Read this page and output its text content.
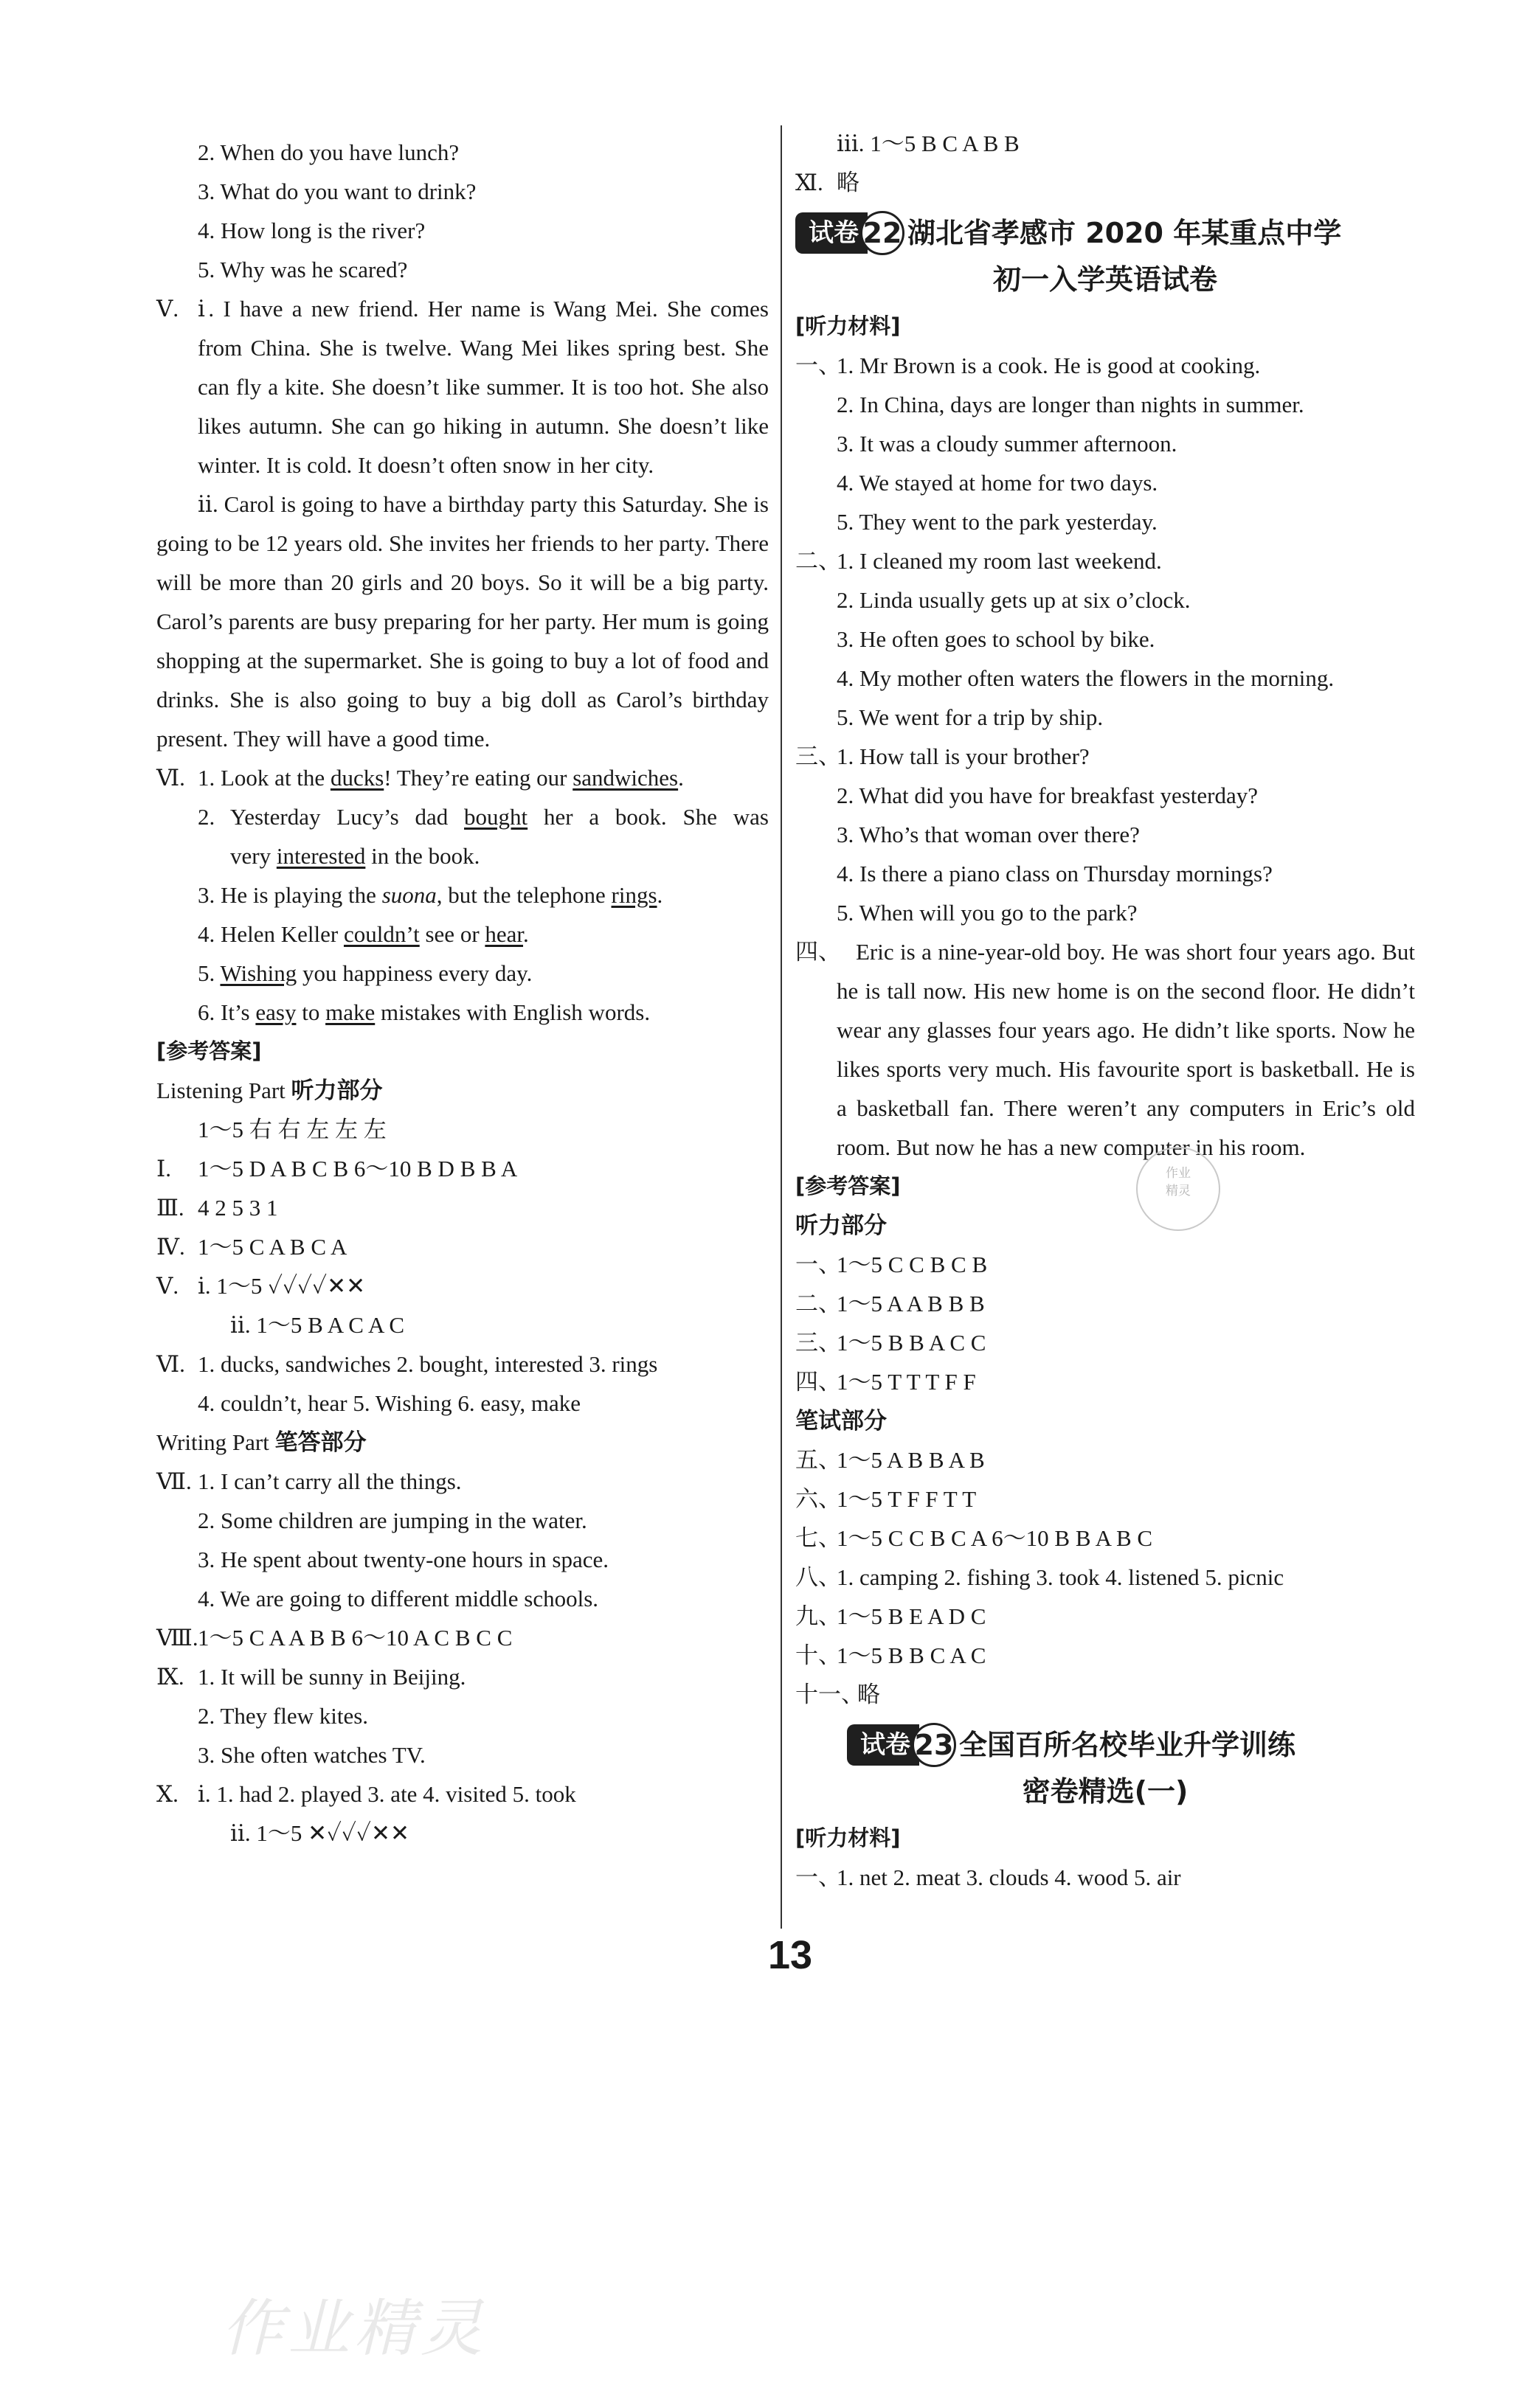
2. When do you have lunch?
3. What do you want to drink?
4. How long is the river?
5. Why was he scared?
Ⅴ. ⅰ. I have a new friend. Her name is Wang Mei. She comes from China. She is twelve. Wang Mei likes spring best. She can fly a kite. She doesn’t like summer. It is too hot. She also likes autumn. She can go hiking in autumn. She doesn’t like winter. It is cold. It doesn’t often snow in her city.
ⅱ. Carol is going to have a birthday party this Saturday. She is going to be 12 years old. She invites her friends to her party. There will be more than 20 girls and 20 boys. So it will be a big party. Carol’s parents are busy preparing for her party. Her mum is going shopping at the supermarket. She is going to buy a lot of food and drinks. She is also going to buy a big doll as Carol’s birthday present. They will have a good time.
Ⅵ. 1. Look at the ducks! They’re eating our sandwiches.
2. Yesterday Lucy’s dad bought her a book. She was
very interested in the book.
3. He is playing the suona, but the telephone rings.
4. Helen Keller couldn’t see or hear.
5. Wishing you happiness every day.
6. It’s easy to make mistakes with English words.
[参考答案]
Listening Part 听力部分
1～5 右 右 左 左 左
Ⅰ. 1～5 D A B C B 6～10 B D B B A
Ⅲ. 4 2 5 3 1
Ⅳ. 1～5 C A B C A
Ⅴ. ⅰ. 1～5 ✓✓✓✓✕✕
ⅱ. 1～5 B A C A C
Ⅵ. 1. ducks, sandwiches 2. bought, interested 3. rings
4. couldn’t, hear 5. Wishing 6. easy, make
Writing Part 笔答部分
Ⅶ. 1. I can’t carry all the things.
2. Some children are jumping in the water.
3. He spent about twenty-one hours in space.
4. We are going to different middle schools.
Ⅷ.1～5 C A A B B 6～10 A C B C C
Ⅸ. 1. It will be sunny in Beijing.
2. They flew kites.
3. She often watches TV.
Ⅹ. ⅰ. 1. had 2. played 3. ate 4. visited 5. took
ⅱ. 1～5 ✕✓✓✓✕✕
ⅲ. 1～5 B C A B B
Ⅺ. 略
试卷 22 湖北省孝感市 2020 年某重点中学
初一入学英语试卷
[听力材料]
一、1. Mr Brown is a cook. He is good at cooking.
2. In China, days are longer than nights in summer.
3. It was a cloudy summer afternoon.
4. We stayed at home for two days.
5. They went to the park yesterday.
二、1. I cleaned my room last weekend.
2. Linda usually gets up at six o’clock.
3. He often goes to school by bike.
4. My mother often waters the flowers in the morning.
5. We went for a trip by ship.
三、1. How tall is your brother?
2. What did you have for breakfast yesterday?
3. Who’s that woman over there?
4. Is there a piano class on Thursday mornings?
5. When will you go to the park?
四、 Eric is a nine-year-old boy. He was short four years ago. But he is tall now. His new home is on the second floor. He didn’t wear any glasses four years ago. He didn’t like sports. Now he likes sports very much. His favourite sport is basketball. He is a basketball fan. There weren’t any computers in Eric’s old room. But now he has a new computer in his room.
[参考答案]
听力部分
一、1～5 C C B C B
二、1～5 A A B B B
三、1～5 B B A C C
四、1～5 T T T F F
笔试部分
五、1～5 A B B A B
六、1～5 T F F T T
七、1～5 C C B C A 6～10 B B A B C
八、1. camping 2. fishing 3. took 4. listened 5. picnic
九、1～5 B E A D C
十、1～5 B B C A C
十一、略
试卷 23 全国百所名校毕业升学训练
密卷精选(一)
[听力材料]
一、1. net 2. meat 3. clouds 4. wood 5. air
作业
精灵
13
作业精灵
